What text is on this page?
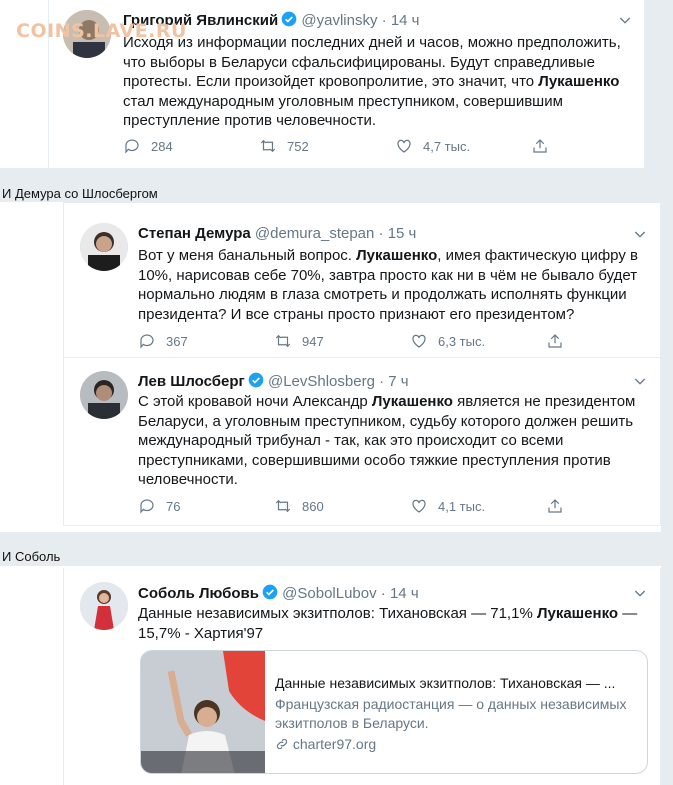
Григорий Явлинский @yavlinsky · 14 ч
Исходя из информации последних дней и часов, можно предположить, что выборы в Беларуси сфальсифицированы. Будут справедливые протесты. Если произойдет кровопролитие, это значит, что Лукашенко стал международным уголовным преступником, совершившим преступление против человечности.
284	752	4,7 тыс.
COINS.LAVE.RU
И Демура со Шлосбергом
Степан Демура @demura_stepan · 15 ч
Вот у меня банальный вопрос. Лукашенко, имея фактическую цифру в 10%, нарисовав себе 70%, завтра просто как ни в чём не бывало будет нормально людям в глаза смотреть и продолжать исполнять функции президента? И все страны просто признают его президентом?
367	947	6,3 тыс.
Лев Шлосберг @LevShlosberg · 7 ч
С этой кровавой ночи Александр Лукашенко является не президентом Беларуси, а уголовным преступником, судьбу которого должен решить международный трибунал - так, как это происходит со всеми преступниками, совершившими особо тяжкие преступления против человечности.
76	860	4,1 тыс.
И Соболь
Соболь Любовь @SobolLubov · 14 ч
Данные независимых экзитполов: Тихановская — 71,1% Лукашенко — 15,7% - Хартия'97
Данные независимых экзитполов: Тихановская — ...
Французская радиостанция — о данных независимых экзитполов в Беларуси.
charter97.org
